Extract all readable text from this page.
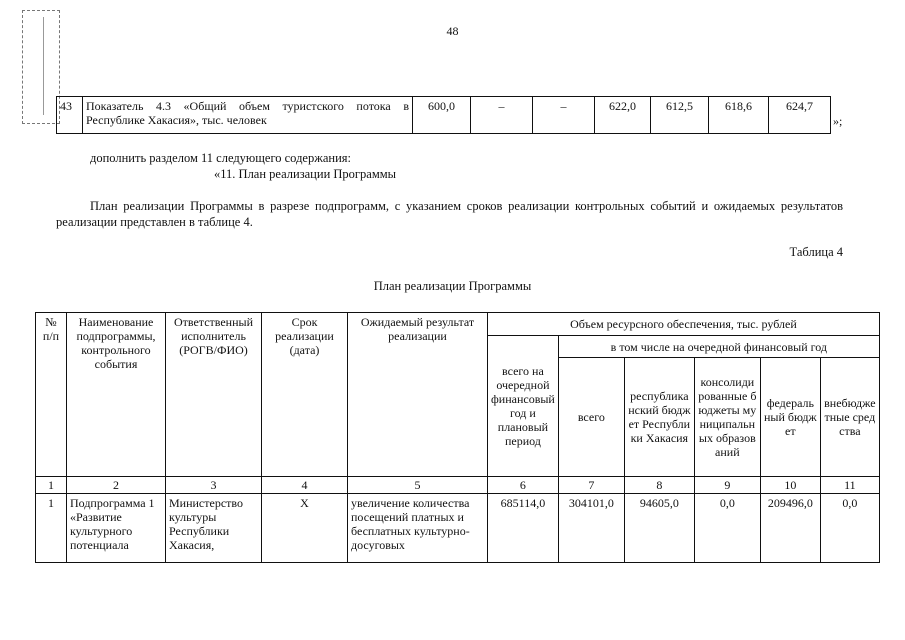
48
43	Показатель 4.3 «Общий объем туристского потока в Республике Хакасия», тыс. человек	600,0	–	–	622,0	612,5	618,6	624,7
»;
дополнить разделом 11 следующего содержания:
«11. План реализации Программы
План реализации Программы в разрезе подпрограмм, с указанием сроков реализации контрольных событий и ожидаемых результатов реализации представлен в таблице 4.
Таблица 4
План реализации Программы
№ п/п	Наименование подпрограммы, контрольного события	Ответственный исполнитель (РОГВ/ФИО)	Срок реализации (дата)	Ожидаемый результат реализации	Объем ресурсного обеспечения, тыс. рублей					
					всего на очередной финансовый год и плановый период	в том числе на очередной финансовый год				
						всего	республиканский бюджет Республики Хакасия	консолидированные бюджеты муниципальных образований	федеральный бюджет	внебюджетные средства
1	2	3	4	5	6	7	8	9	10	11
1	Подпрограмма 1 «Развитие культурного потенциала	Министерство культуры Республики Хакасия,	Х	увеличение количества посещений платных и бесплатных культурно-досуговых	685114,0	304101,0	94605,0	0,0	209496,0	0,0
